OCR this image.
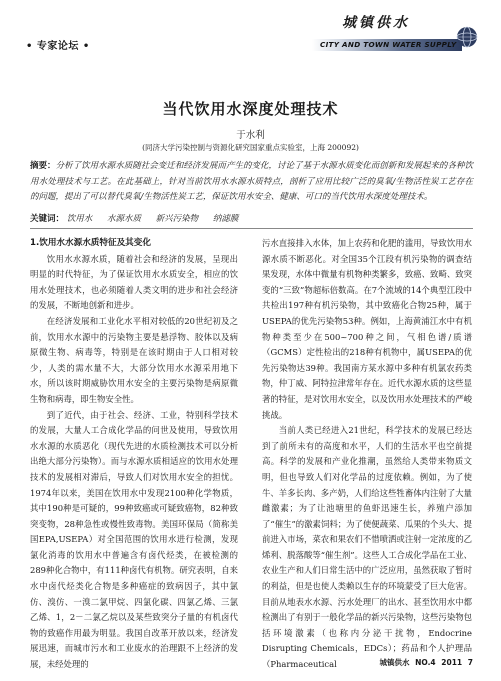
• 专家论坛 •
城镇供水
CITY AND TOWN WATER SUPPLY
当代饮用水深度处理技术
于水利
(同济大学污染控制与资源化研究国家重点实验室，上海 200092)
摘要：分析了饮用水源水质随社会变迁和经济发展而产生的变化，讨论了基于水源水质变化而创新和发展起来的各种饮用水处理技术与工艺。在此基础上，针对当前饮用水水源水质特点，剖析了应用比较广泛的臭氧/生物活性炭工艺存在的问题，提出了可以替代臭氧/生物活性炭工艺，保证饮用水安全、健康、可口的当代饮用水深度处理技术。
关键词： 饮用水 水源水质 新兴污染物 纳滤膜
1.饮用水水源水质特征及其变化

饮用水水源水质，随着社会和经济的发展，呈现出明显的时代特征，为了保证饮用水水质安全，相应的饮用水处理技术，也必须随着人类文明的进步和社会经济的发展，不断地创新和进步。

在经济发展和工业化水平相对较低的20世纪初及之前，饮用水水源中的污染物主要是悬浮物、胶体以及病原微生物、病毒等，特别是在该时期由于人口相对较少，人类的需水量不大，大部分饮用水水源采用地下水，所以该时期威胁饮用水安全的主要污染物是病原微生物和病毒，即生物安全性。

到了近代，由于社会、经济、工业，特别科学技术的发展，大量人工合成化学品的问世及使用，导致饮用水水源的水质恶化（现代先进的水质检测技术可以分析出绝大部分污染物）。而与水源水质相适应的饮用水处理技术的发展相对滞后，导致人们对饮用水安全的担忧。1974年以来，美国在饮用水中发现2100种化学物质，其中190种是可疑的，99种致癌或可疑致癌物，82种致突变物，28种急性或慢性致毒物。美国环保局（简称美国EPA,USEPA）对全国范围的饮用水进行检测，发现氯化消毒的饮用水中普遍含有卤代烃类，在被检测的289种化合物中，有111种卤代有机物。研究表明，自来水中卤代烃类化合物是多种癌症的致病因子，其中氯仿、溴仿、一溴二氯甲烷、四氯化碳、四氯乙烯、三氯乙烯、1，2－二氯乙烷以及某些致突分子量的有机卤代物的致癌作用最为明显。我国自改革开放以来，经济发展迅速，而城市污水和工业废水的治理跟不上经济的发展，未经处理的

污水直接排入水体，加上农药和化肥的滥用，导致饮用水源水质不断恶化。对全国35个江段有机污染物的调查结果发现，水体中微量有机物种类繁多，致癌、致畸、致突变的“三致”物超标倍数高。在7个流域的14个典型江段中共检出197种有机污染物，其中致癌化合物25种，属于USEPA的优先污染物53种。例如，上海黄浦江水中有机物种类至少在500~700种之间，气相色谱/质谱（GCMS）定性检出的218种有机物中，属USEPA的优先污染物达39种。我国南方某水源中多种有机氯农药类物，仲丁威、阿特拉津常年存在。近代水源水质的这些显著的特征，是对饮用水安全，以及饮用水处理技术的严峻挑战。

当前人类已经进入21世纪，科学技术的发展已经达到了前所未有的高度和水平，人们的生活水平也空前提高。科学的发展和产业化推潮，虽然给人类带来物质文明，但也导致人们对化学品的过度依赖。例如，为了使牛、羊多长肉、多产奶，人们给这些牲畜体内注射了大量雌激素；为了让池塘里的鱼虾迅速生长，养殖户添加了“催生”的激素饲料；为了使便蔬菜、瓜果的个头大、提前进入市场，菜农和果农们不惜喷洒或注射一定浓度的乙烯利、脱落酸等“催生剂”。这些人工合成化学品在工业、农业生产和人们日常生活中的广泛应用，虽然获取了暂时的利益，但是也使人类赖以生存的环境蒙受了巨大危害。目前从地表水水源、污水处理厂的出水、甚至饮用水中都检测出了有别于一般化学品的新兴污染物，这些污染物包括环境激素（也称内分泌干扰物，Endocrine Disrupting Chemicals，EDCs）；药品和个人护理品（Pharmaceutical	城镇供水 NO.4 2011 7
